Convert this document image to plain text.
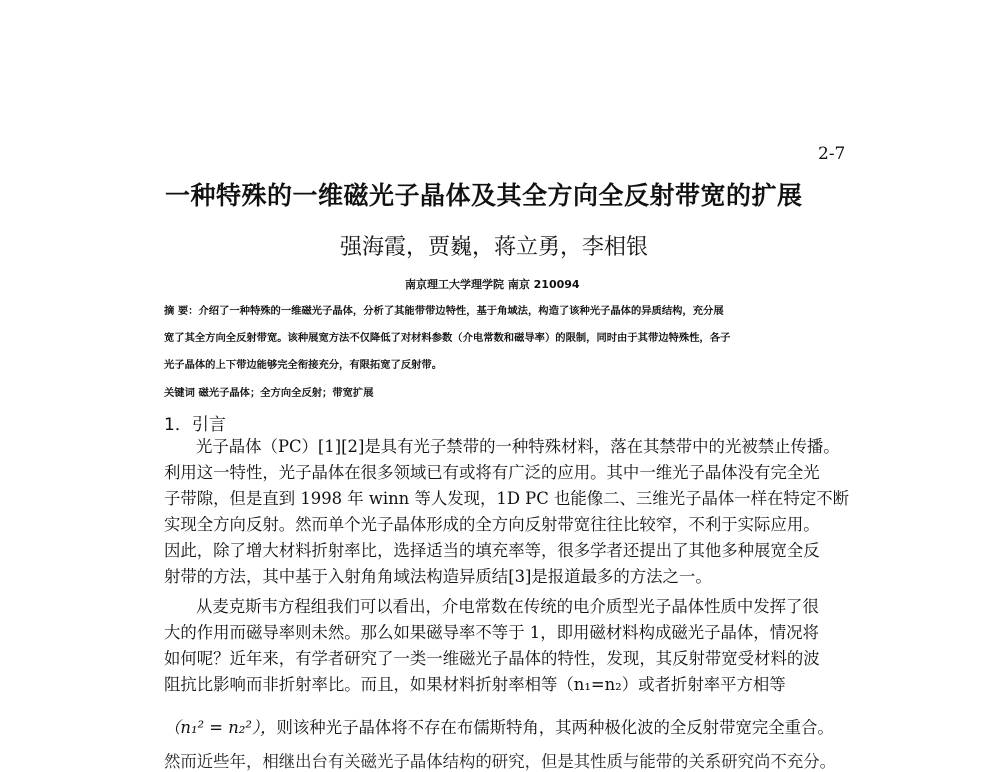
2-7
一种特殊的一维磁光子晶体及其全方向全反射带宽的扩展
强海霞，贾巍，蒋立勇，李相银
南京理工大学理学院 南京 210094
摘 要：介绍了一种特殊的一维磁光子晶体，分析了其能带带边特性，基于角域法，构造了该种光子晶体的异质结构，充分展
宽了其全方向全反射带宽。该种展宽方法不仅降低了对材料参数（介电常数和磁导率）的限制，同时由于其带边特殊性，各子
光子晶体的上下带边能够完全衔接充分，有限拓宽了反射带。
关键词 磁光子晶体；全方向全反射；带宽扩展
1．引言
光子晶体（PC）[1][2]是具有光子禁带的一种特殊材料，落在其禁带中的光被禁止传播。
利用这一特性，光子晶体在很多领域已有或将有广泛的应用。其中一维光子晶体没有完全光
子带隙，但是直到 1998 年 winn 等人发现，1D PC 也能像二、三维光子晶体一样在特定不断
实现全方向反射。然而单个光子晶体形成的全方向反射带宽往往比较窄，不利于实际应用。
因此，除了增大材料折射率比，选择适当的填充率等，很多学者还提出了其他多种展宽全反
射带的方法，其中基于入射角角域法构造异质结[3]是报道最多的方法之一。
从麦克斯韦方程组我们可以看出，介电常数在传统的电介质型光子晶体性质中发挥了很
大的作用而磁导率则未然。那么如果磁导率不等于 1，即用磁材料构成磁光子晶体，情况将
如何呢？近年来，有学者研究了一类一维磁光子晶体的特性，发现，其反射带宽受材料的波
阻抗比影响而非折射率比。而且，如果材料折射率相等（n₁=n₂）或者折射率平方相等
（n₁² = n₂²），则该种光子晶体将不存在布儒斯特角，其两种极化波的全反射带宽完全重合。
然而近些年，相继出台有关磁光子晶体结构的研究，但是其性质与能带的关系研究尚不充分。
